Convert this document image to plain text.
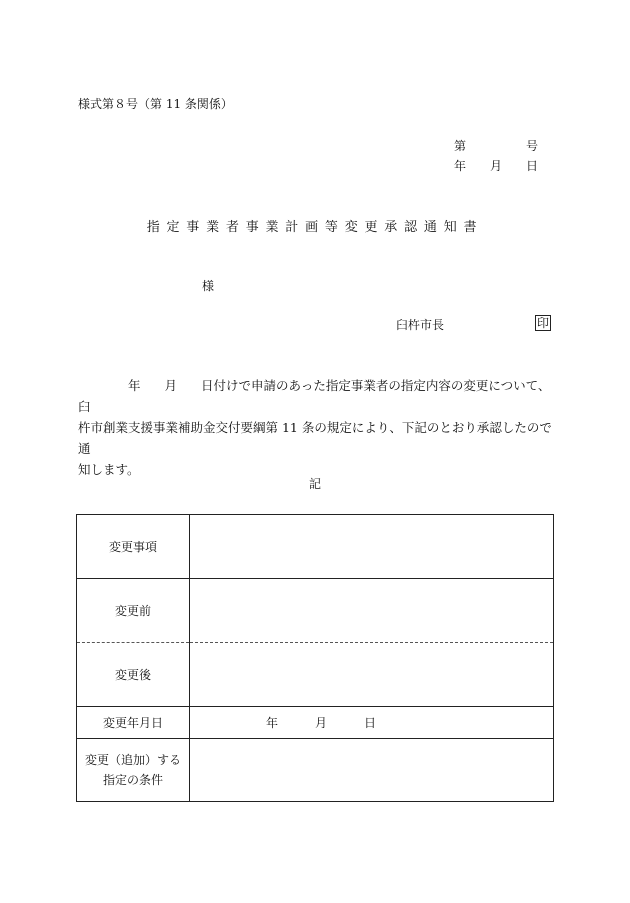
様式第８号（第 11 条関係）
第	号
年 月 日
指定事業者事業計画等変更承認通知書
様
臼杵市長	印
年 月 日付けで申請のあった指定事業者の指定内容の変更について、臼
杵市創業支援事業補助金交付要綱第 11 条の規定により、下記のとおり承認したので通
知します。
記
変更事項	
変更前	
変更後	
変更年月日	年 月 日

変更（追加）する
指定の条件	
